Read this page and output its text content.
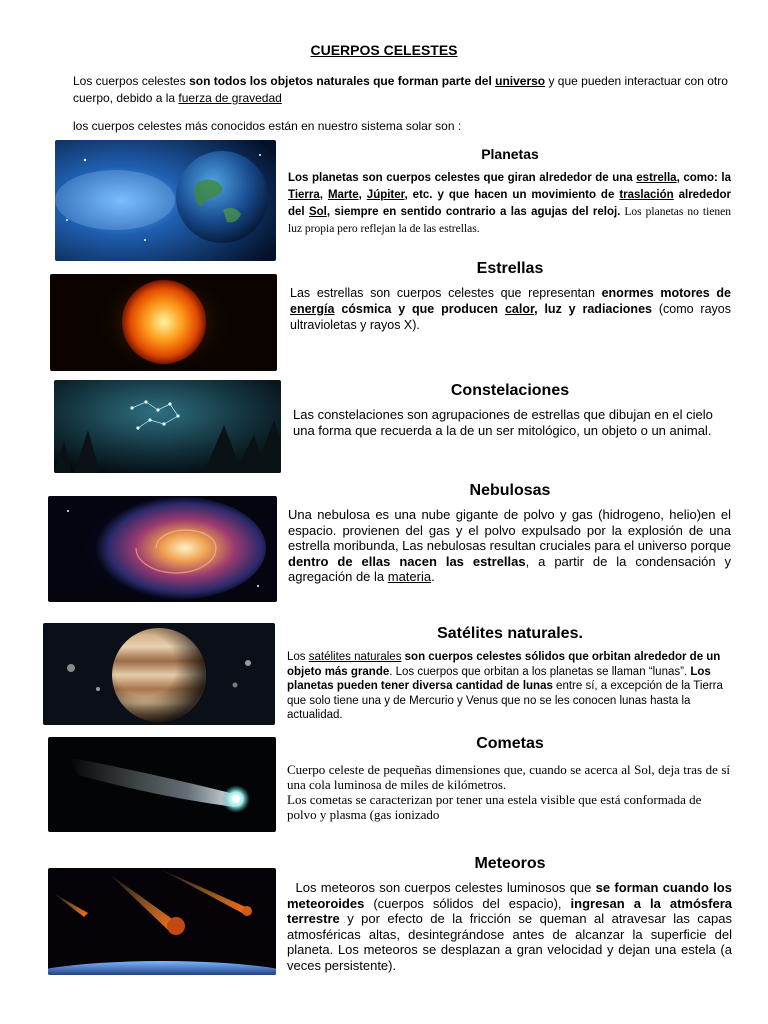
CUERPOS CELESTES
Los cuerpos celestes son todos los objetos naturales que forman parte del universo y que pueden interactuar con otro cuerpo, debido a la fuerza de gravedad
los cuerpos celestes más conocidos están en nuestro sistema solar son :
Planetas
Los planetas son cuerpos celestes que giran alrededor de una estrella, como: la Tierra, Marte, Júpiter, etc. y que hacen un movimiento de traslación alrededor del Sol, siempre en sentido contrario a las agujas del reloj. Los planetas no tienen luz propia pero reflejan la de las estrellas.
Estrellas
Las estrellas son cuerpos celestes que representan enormes motores de energía cósmica y que producen calor, luz y radiaciones (como rayos ultravioletas y rayos X).
Constelaciones
Las constelaciones son agrupaciones de estrellas que dibujan en el cielo una forma que recuerda a la de un ser mitológico, un objeto o un animal.
Nebulosas
Una nebulosa es una nube gigante de polvo y gas (hidrogeno, helio)en el espacio. provienen del gas y el polvo expulsado por la explosión de una estrella moribunda, Las nebulosas resultan cruciales para el universo porque dentro de ellas nacen las estrellas, a partir de la condensación y agregación de la materia.
Satélites naturales.
Los satélites naturales son cuerpos celestes sólidos que orbitan alrededor de un objeto más grande. Los cuerpos que orbitan a los planetas se llaman “lunas”. Los planetas pueden tener diversa cantidad de lunas entre sí, a excepción de la Tierra que solo tiene una y de Mercurio y Venus que no se les conocen lunas hasta la actualidad.
Cometas
Cuerpo celeste de pequeñas dimensiones que, cuando se acerca al Sol, deja tras de sí una cola luminosa de miles de kilómetros.
Los cometas se caracterizan por tener una estela visible que está conformada de polvo y plasma (gas ionizado
Meteoros
Los meteoros son cuerpos celestes luminosos que se forman cuando los meteoroides (cuerpos sólidos del espacio), ingresan a la atmósfera terrestre y por efecto de la fricción se queman al atravesar las capas atmosféricas altas, desintegrándose antes de alcanzar la superficie del planeta. Los meteoros se desplazan a gran velocidad y dejan una estela (a veces persistente).
